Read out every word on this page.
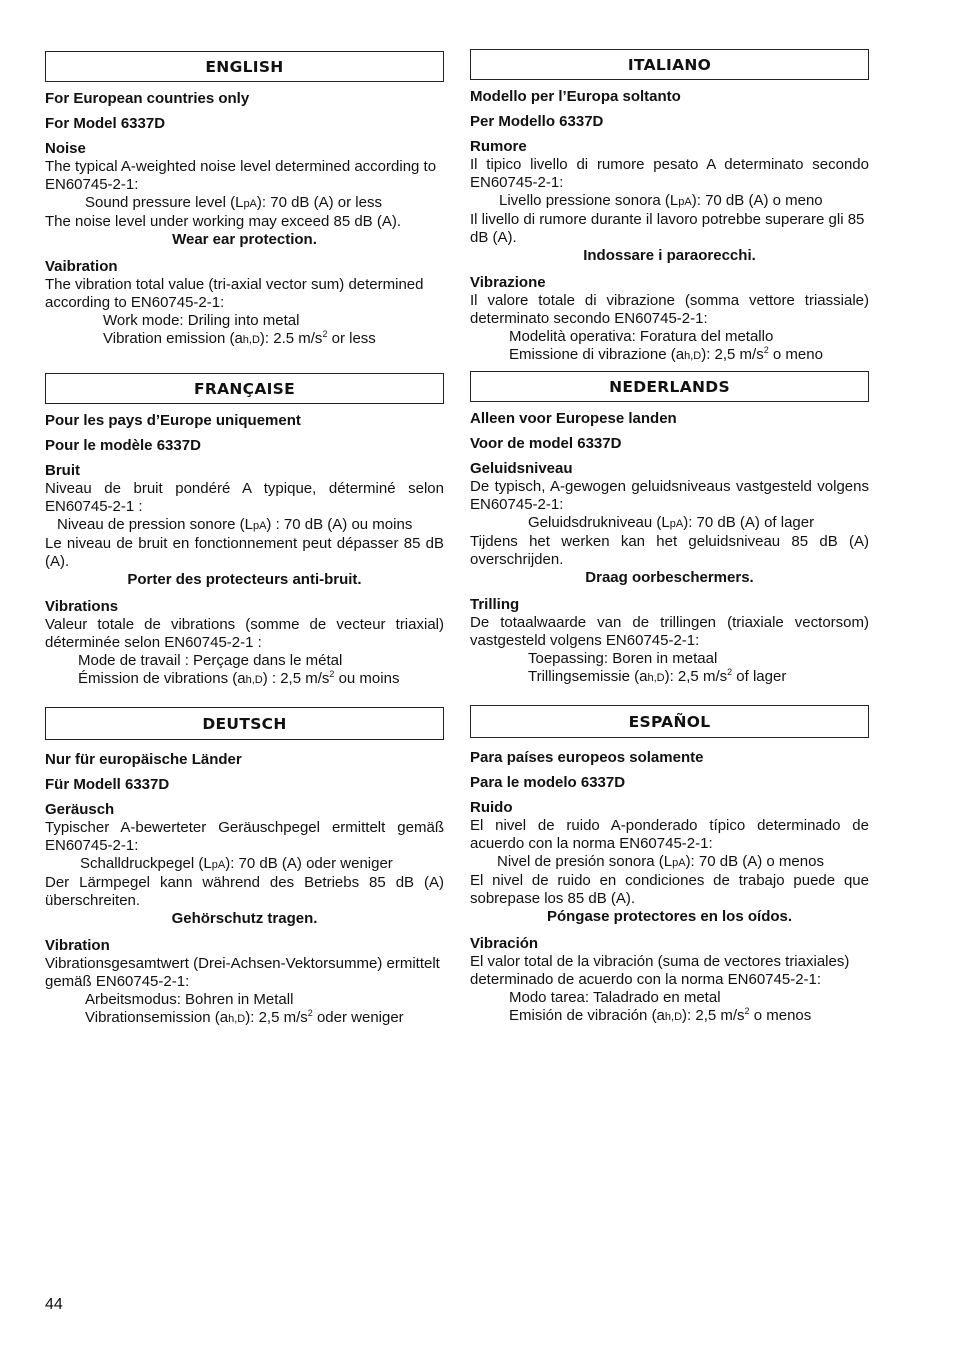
ENGLISH
For European countries only
For Model 6337D
Noise
The typical A-weighted noise level determined according to EN60745-2-1:
Sound pressure level (LpA): 70 dB (A) or less
The noise level under working may exceed 85 dB (A).
Wear ear protection.
Vaibration
The vibration total value (tri-axial vector sum) determined according to EN60745-2-1:
Work mode: Driling into metal
Vibration emission (ah,D): 2.5 $m/s^2$ or less
FRANÇAISE
Pour les pays d’Europe uniquement
Pour le modèle 6337D
Bruit
Niveau de bruit pondéré A typique, déterminé selon EN60745-2-1 :
Niveau de pression sonore (LpA) : 70 dB (A) ou moins
Le niveau de bruit en fonctionnement peut dépasser 85 dB (A).
Porter des protecteurs anti-bruit.
Vibrations
Valeur totale de vibrations (somme de vecteur triaxial) déterminée selon EN60745-2-1 :
Mode de travail : Perçage dans le métal
Émission de vibrations (ah,D) : 2,5 $m/s^2$ ou moins
DEUTSCH
Nur für europäische Länder
Für Modell 6337D
Geräusch
Typischer A-bewerteter Geräuschpegel ermittelt gemäß EN60745-2-1:
Schalldruckpegel (LpA): 70 dB (A) oder weniger
Der Lärmpegel kann während des Betriebs 85 dB (A) überschreiten.
Gehörschutz tragen.
Vibration
Vibrationsgesamtwert (Drei-Achsen-Vektorsumme) ermittelt gemäß EN60745-2-1:
Arbeitsmodus: Bohren in Metall
Vibrationsemission (ah,D): 2,5 $m/s^2$ oder weniger
ITALIANO
Modello per l’Europa soltanto
Per Modello 6337D
Rumore
Il tipico livello di rumore pesato A determinato secondo EN60745-2-1:
Livello pressione sonora (LpA): 70 dB (A) o meno
Il livello di rumore durante il lavoro potrebbe superare gli 85 dB (A).
Indossare i paraorecchi.
Vibrazione
Il valore totale di vibrazione (somma vettore triassiale) determinato secondo EN60745-2-1:
Modelità operativa: Foratura del metallo
Emissione di vibrazione (ah,D): 2,5 $m/s^2$ o meno
NEDERLANDS
Alleen voor Europese landen
Voor de model 6337D
Geluidsniveau
De typisch, A-gewogen geluidsniveaus vastgesteld volgens EN60745-2-1:
Geluidsdrukniveau (LpA): 70 dB (A) of lager
Tijdens het werken kan het geluidsniveau 85 dB (A) overschrijden.
Draag oorbeschermers.
Trilling
De totaalwaarde van de trillingen (triaxiale vectorsom) vastgesteld volgens EN60745-2-1:
Toepassing: Boren in metaal
Trillingsemissie (ah,D): 2,5 $m/s^2$ of lager
ESPAÑOL
Para países europeos solamente
Para le modelo 6337D
Ruido
El nivel de ruido A-ponderado típico determinado de acuerdo con la norma EN60745-2-1:
Nivel de presión sonora (LpA): 70 dB (A) o menos
El nivel de ruido en condiciones de trabajo puede que sobrepase los 85 dB (A).
Póngase protectores en los oídos.
Vibración
El valor total de la vibración (suma de vectores triaxiales) determinado de acuerdo con la norma EN60745-2-1:
Modo tarea: Taladrado en metal
Emisión de vibración (ah,D): 2,5 $m/s^2$ o menos
44
